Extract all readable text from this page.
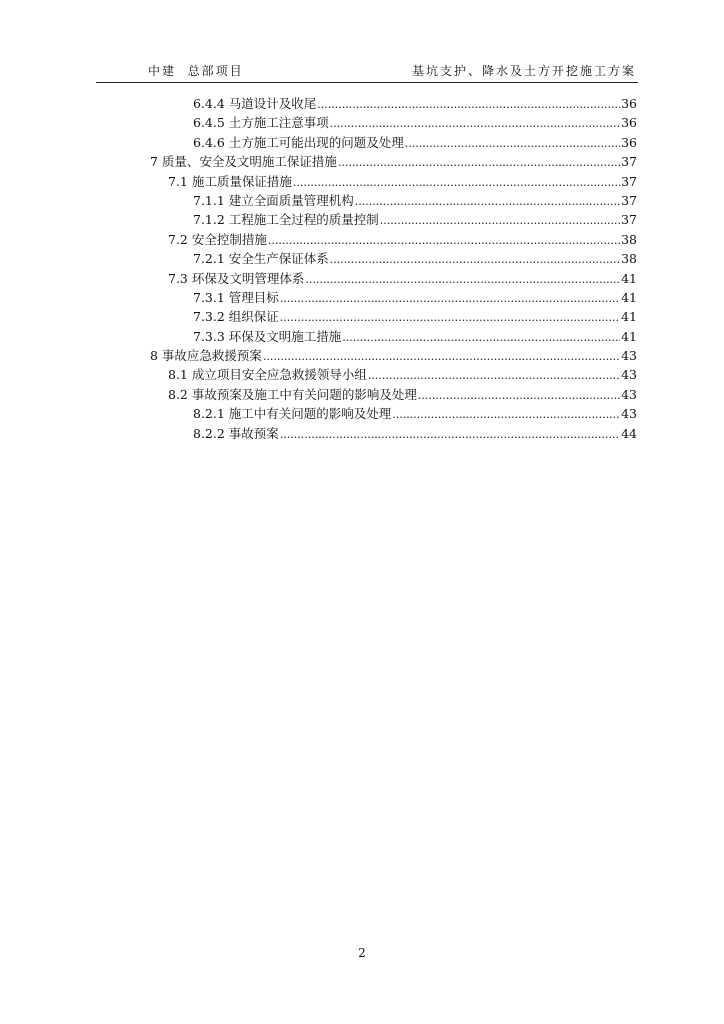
中建  总部项目	基坑支护、降水及土方开挖施工方案
6.4.4 马道设计及收尾 .....	36
6.4.5 土方施工注意事项 .....	36
6.4.6 土方施工可能出现的问题及处理 .....	36
7 质量、安全及文明施工保证措施 .....	37
7.1 施工质量保证措施 .....	37
7.1.1 建立全面质量管理机构 .....	37
7.1.2 工程施工全过程的质量控制 .....	37
7.2 安全控制措施 .....	38
7.2.1 安全生产保证体系 .....	38
7.3 环保及文明管理体系 .....	41
7.3.1 管理目标 .....	41
7.3.2 组织保证 .....	41
7.3.3 环保及文明施工措施 .....	41
8 事故应急救援预案 .....	43
8.1 成立项目安全应急救援领导小组 .....	43
8.2 事故预案及施工中有关问题的影响及处理 .....	43
8.2.1 施工中有关问题的影响及处理 .....	43
8.2.2 事故预案 .....	44
2
